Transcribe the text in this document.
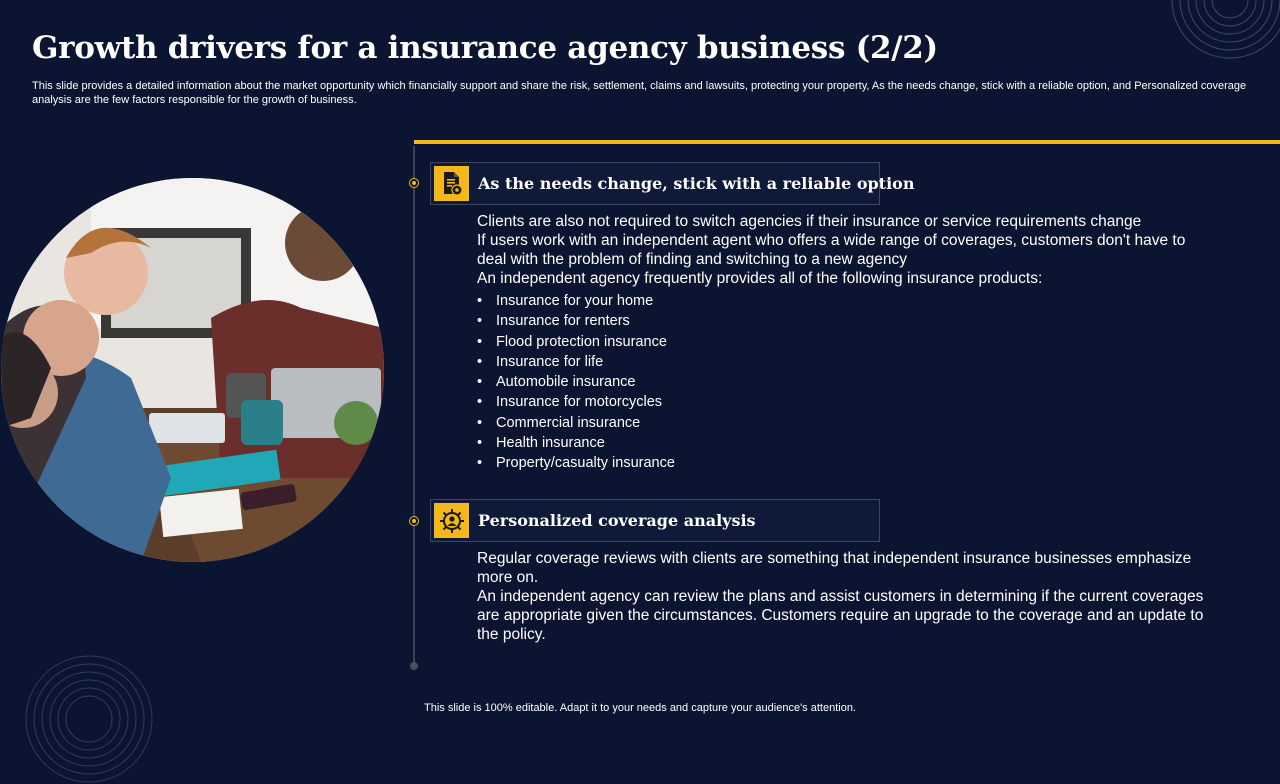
Growth drivers for a insurance agency business (2/2)

This slide provides a detailed information about the market opportunity which financially support and share the risk, settlement, claims and lawsuits, protecting your property, As the needs change, stick with a reliable option, and Personalized coverage analysis are the few factors responsible for the growth of business.

As the needs change, stick with a reliable option

Clients are also not required to switch agencies if their insurance or service requirements change

If users work with an independent agent who offers a wide range of coverages, customers don't have to deal with the problem of finding and switching to a new agency

An independent agency frequently provides all of the following insurance products:

• Insurance for your home
• Insurance for renters
• Flood protection insurance
• Insurance for life
• Automobile insurance
• Insurance for motorcycles
• Commercial insurance
• Health insurance
• Property/casualty insurance
Personalized coverage analysis

Regular coverage reviews with clients are something that independent insurance businesses emphasize more on.

An independent agency can review the plans and assist customers in determining if the current coverages are appropriate given the circumstances. Customers require an upgrade to the coverage and an update to the policy.

This slide is 100% editable. Adapt it to your needs and capture your audience's attention.
